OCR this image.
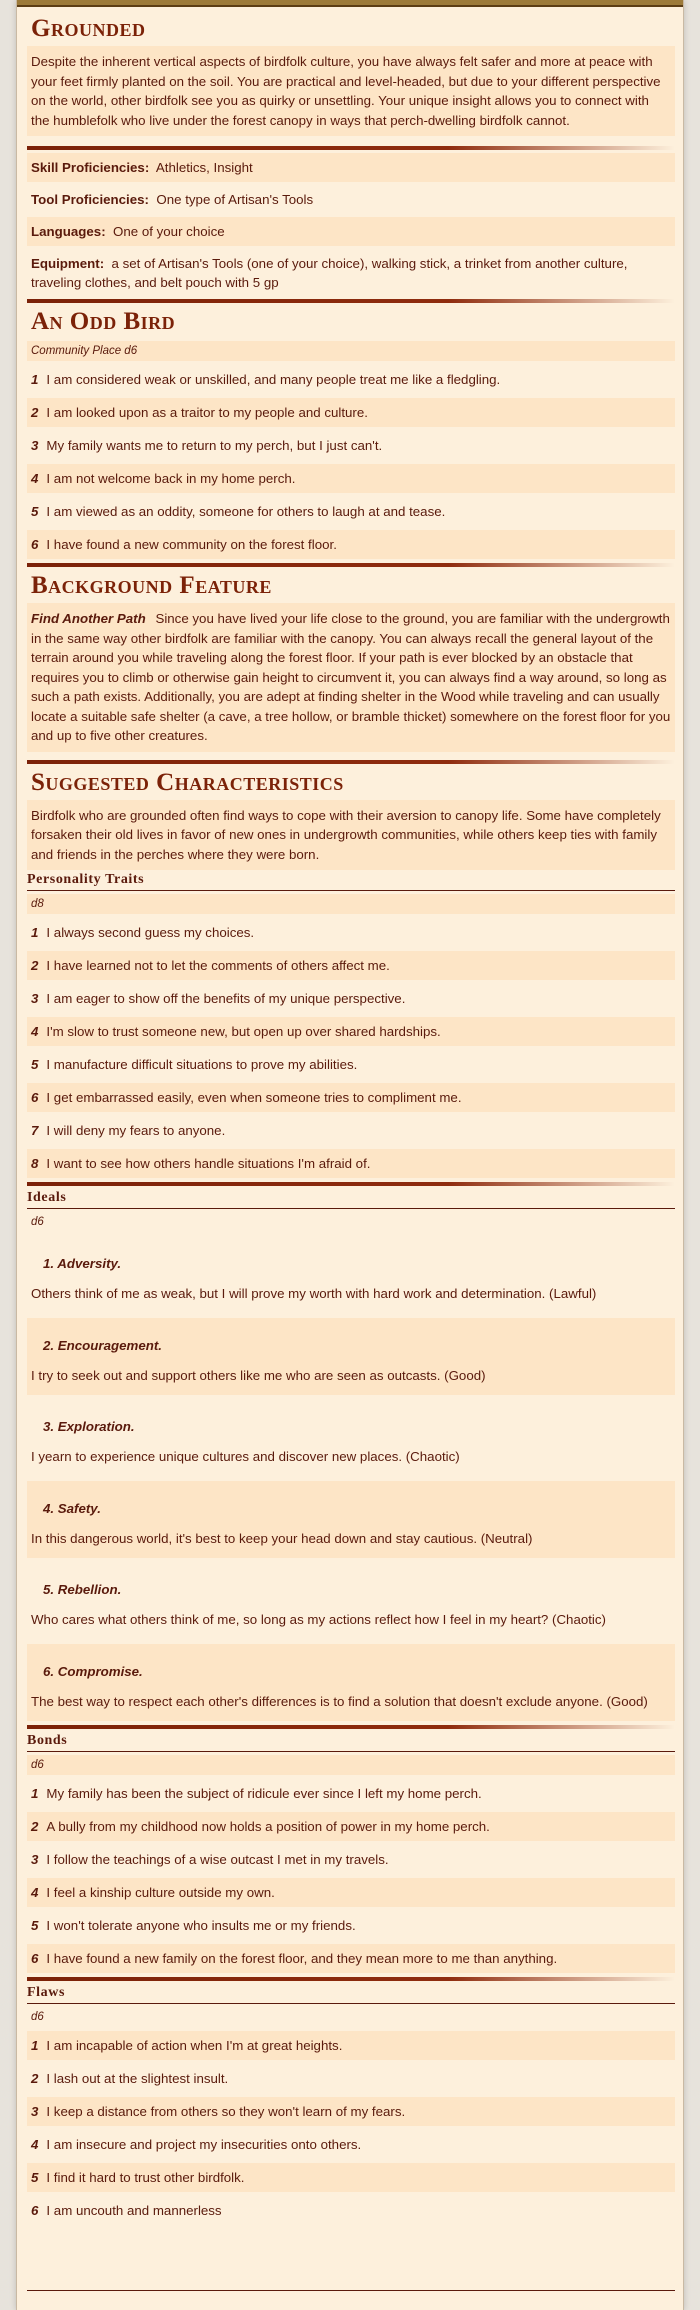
Grounded
Despite the inherent vertical aspects of birdfolk culture, you have always felt safer and more at peace with your feet firmly planted on the soil. You are practical and level-headed, but due to your different perspective on the world, other birdfolk see you as quirky or unsettling. Your unique insight allows you to connect with the humblefolk who live under the forest canopy in ways that perch-dwelling birdfolk cannot.
Skill Proficiencies: Athletics, Insight
Tool Proficiencies: One type of Artisan's Tools
Languages: One of your choice
Equipment: a set of Artisan's Tools (one of your choice), walking stick, a trinket from another culture, traveling clothes, and belt pouch with 5 gp
An Odd Bird
Community Place d6
1 I am considered weak or unskilled, and many people treat me like a fledgling.
2 I am looked upon as a traitor to my people and culture.
3 My family wants me to return to my perch, but I just can't.
4 I am not welcome back in my home perch.
5 I am viewed as an oddity, someone for others to laugh at and tease.
6 I have found a new community on the forest floor.
Background Feature
Find Another Path Since you have lived your life close to the ground, you are familiar with the undergrowth in the same way other birdfolk are familiar with the canopy. You can always recall the general layout of the terrain around you while traveling along the forest floor. If your path is ever blocked by an obstacle that requires you to climb or otherwise gain height to circumvent it, you can always find a way around, so long as such a path exists. Additionally, you are adept at finding shelter in the Wood while traveling and can usually locate a suitable safe shelter (a cave, a tree hollow, or bramble thicket) somewhere on the forest floor for you and up to five other creatures.
Suggested Characteristics
Birdfolk who are grounded often find ways to cope with their aversion to canopy life. Some have completely forsaken their old lives in favor of new ones in undergrowth communities, while others keep ties with family and friends in the perches where they were born.
Personality Traits
d8
1 I always second guess my choices.
2 I have learned not to let the comments of others affect me.
3 I am eager to show off the benefits of my unique perspective.
4 I'm slow to trust someone new, but open up over shared hardships.
5 I manufacture difficult situations to prove my abilities.
6 I get embarrassed easily, even when someone tries to compliment me.
7 I will deny my fears to anyone.
8 I want to see how others handle situations I'm afraid of.
Ideals
d6
1. Adversity.
Others think of me as weak, but I will prove my worth with hard work and determination. (Lawful)
2. Encouragement.
I try to seek out and support others like me who are seen as outcasts. (Good)
3. Exploration.
I yearn to experience unique cultures and discover new places. (Chaotic)
4. Safety.
In this dangerous world, it's best to keep your head down and stay cautious. (Neutral)
5. Rebellion.
Who cares what others think of me, so long as my actions reflect how I feel in my heart? (Chaotic)
6. Compromise.
The best way to respect each other's differences is to find a solution that doesn't exclude anyone. (Good)
Bonds
d6
1 My family has been the subject of ridicule ever since I left my home perch.
2 A bully from my childhood now holds a position of power in my home perch.
3 I follow the teachings of a wise outcast I met in my travels.
4 I feel a kinship culture outside my own.
5 I won't tolerate anyone who insults me or my friends.
6 I have found a new family on the forest floor, and they mean more to me than anything.
Flaws
d6
1 I am incapable of action when I'm at great heights.
2 I lash out at the slightest insult.
3 I keep a distance from others so they won't learn of my fears.
4 I am insecure and project my insecurities onto others.
5 I find it hard to trust other birdfolk.
6 I am uncouth and mannerless
